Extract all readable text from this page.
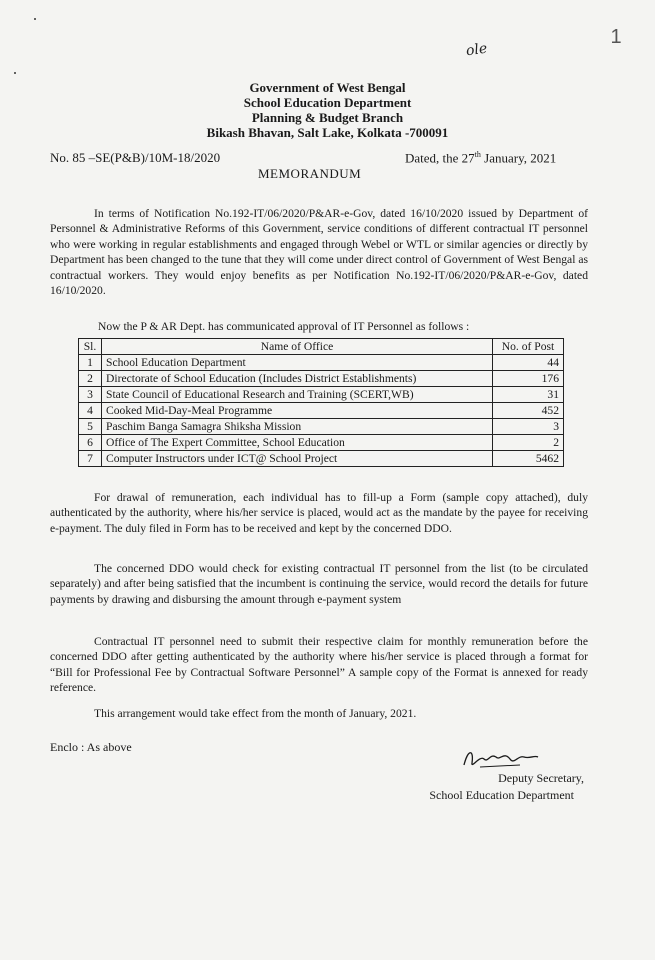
1
ole
Government of West Bengal
School Education Department
Planning & Budget Branch
Bikash Bhavan, Salt Lake, Kolkata -700091
No. 85 –SE(P&B)/10M-18/2020	Dated, the 27th January, 2021
MEMORANDUM
In terms of Notification No.192-IT/06/2020/P&AR-e-Gov, dated 16/10/2020 issued by Department of Personnel & Administrative Reforms of this Government, service conditions of different contractual IT personnel who were working in regular establishments and engaged through Webel or WTL or similar agencies or directly by Department has been changed to the tune that they will come under direct control of Government of West Bengal as contractual workers. They would enjoy benefits as per Notification No.192-IT/06/2020/P&AR-e-Gov, dated 16/10/2020.
Now the P & AR Dept. has communicated approval of IT Personnel as follows :
Sl.	Name of Office	No. of Post
1	School Education Department	44
2	Directorate of School Education (Includes District Establishments)	176
3	State Council of Educational Research and Training (SCERT,WB)	31
4	Cooked Mid-Day-Meal Programme	452
5	Paschim Banga Samagra Shiksha Mission	3
6	Office of The Expert Committee, School Education	2
7	Computer Instructors under ICT@ School Project	5462
For drawal of remuneration, each individual has to fill-up a Form (sample copy attached), duly authenticated by the authority, where his/her service is placed, would act as the mandate by the payee for receiving e-payment. The duly filed in Form has to be received and kept by the concerned DDO.
The concerned DDO would check for existing contractual IT personnel from the list (to be circulated separately) and after being satisfied that the incumbent is continuing the service, would record the details for future payments by drawing and disbursing the amount through e-payment system
Contractual IT personnel need to submit their respective claim for monthly remuneration before the concerned DDO after getting authenticated by the authority where his/her service is placed through a format for “Bill for Professional Fee by Contractual Software Personnel” A sample copy of the Format is annexed for ready reference.
This arrangement would take effect from the month of January, 2021.
Enclo : As above
Deputy Secretary,
School Education Department
